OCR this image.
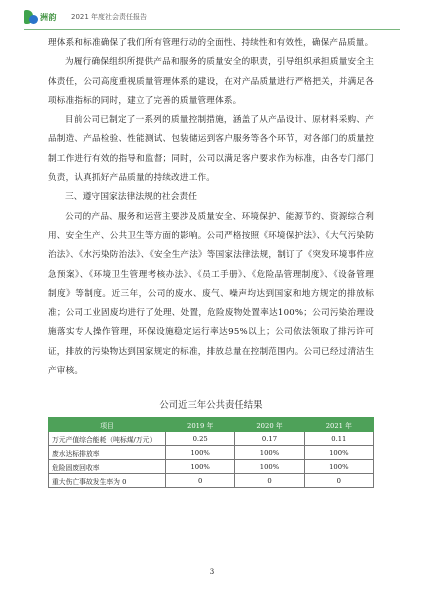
洲韵 2021 年度社会责任报告

理体系和标准确保了我们所有管理行动的全面性、持续性和有效性，确保产品质量。

为履行确保组织所提供产品和服务的质量安全的职责，引导组织承担质量安全主体责任，公司高度重视质量管理体系的建设，在对产品质量进行严格把关，并满足各项标准指标的同时，建立了完善的质量管理体系。

目前公司已制定了一系列的质量控制措施，涵盖了从产品设计、原材料采购、产品制造、产品检验、性能测试、包装储运到客户服务等各个环节，对各部门的质量控制工作进行有效的指导和监督；同时，公司以满足客户要求作为标准，由各专门部门负责，认真抓好产品质量的持续改进工作。

三、遵守国家法律法规的社会责任

公司的产品、服务和运营主要涉及质量安全、环境保护、能源节约、资源综合利用、安全生产、公共卫生等方面的影响。公司严格按照《环境保护法》、《大气污染防治法》、《水污染防治法》、《安全生产法》等国家法律法规，制订了《突发环境事件应急预案》、《环境卫生管理考核办法》、《员工手册》、《危险品管理制度》、《设备管理制度》等制度。近三年，公司的废水、废气、噪声均达到国家和地方规定的排放标准；公司工业固废均进行了处理、处置，危险废物处置率达100%；公司污染治理设施落实专人操作管理，环保设施稳定运行率达95%以上；公司依法领取了排污许可证，排放的污染物达到国家规定的标准，排放总量在控制范围内。公司已经过清洁生产审核。

公司近三年公共责任结果
项目	2019 年	2020 年	2021 年
万元产值综合能耗（吨标煤/万元）	0.25	0.17	0.11
废水达标排放率	100%	100%	100%
危险固废回收率	100%	100%	100%
重大伤亡事故发生率为 0	0	0	0
3
